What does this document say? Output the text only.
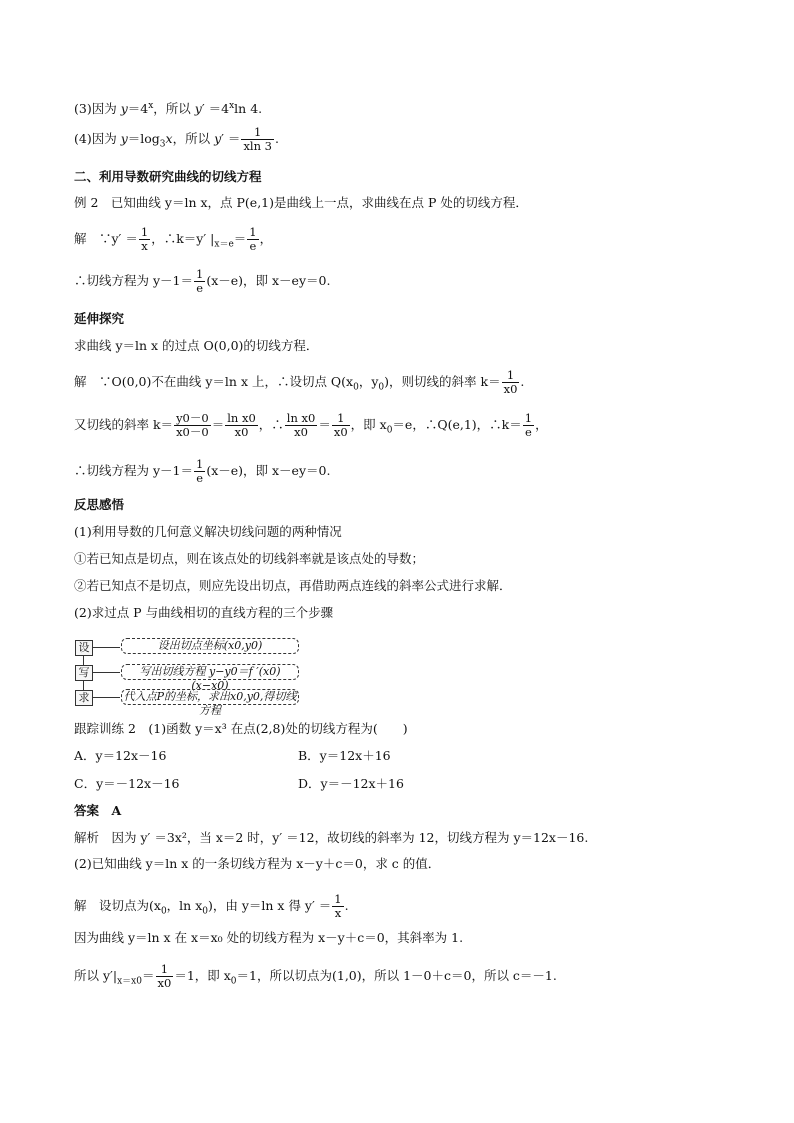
(3)因为 $y=4^x$，所以 $y' =4^x\ln$ 4.
(4)因为 $y=\log_3x$，所以 $y' = \frac{1}{xln 3}$ .
二、利用导数研究曲线的切线方程
例 2　已知曲线 y＝ln x，点 P(e,1)是曲线上一点，求曲线在点 P 处的切线方程．
解　∵y′ ＝ $\frac{1}{x}$ ，∴k＝y′ $|_{x=e}= \frac{1}{e}$ ，
∴切线方程为 $y-1= \frac{1}{e} (x-e)$，即 x－ey＝0.
延伸探究
求曲线 y＝ln x 的过点 O(0,0)的切线方程．
解　∵O(0,0)不在曲线 y＝ln x 上，∴设切点 $Q(x_0$，$y_0$)，则切线的斜率 $k= \frac{1}{x0}$ .
又切线的斜率 $k= \frac{y0-0}{x0-0} = \frac{\text{ln x0}}{x0}$ ，∴ $\frac{\text{ln x0}}{x0} = \frac{1}{x0}$ ，即 $x_0=e$，∴Q(e,1)，∴k＝ $\frac{1}{e}$ ，
∴切线方程为 $y-1= \frac{1}{e} (x-e)$，即 x－ey＝0.
反思感悟
(1)利用导数的几何意义解决切线问题的两种情况
①若已知点是切点，则在该点处的切线斜率就是该点处的导数；
②若已知点不是切点，则应先设出切点，再借助两点连线的斜率公式进行求解．
(2)求过点 P 与曲线相切的直线方程的三个步骤
设	设出切点坐标(x0,y0)
写	写出切线方程 y−y0＝f ′(x0)(x−x0)
求	代入点P的坐标，求出x0,y0,得切线方程
跟踪训练 2　(1)函数 y＝x³ 在点(2,8)处的切线方程为(　　)
A．y＝12x－16	B．y＝12x＋16
C．y＝－12x－16	D．y＝－12x＋16
答案　A
解析　因为 y′ ＝3x²，当 x＝2 时，y′ ＝12，故切线的斜率为 12，切线方程为 y＝12x－16.
(2)已知曲线 y＝ln x 的一条切线方程为 x－y＋c＝0，求 c 的值．
解　设切点为($x_0$，$\ln x_0$)，由 y＝ln x 得 $y' = \frac{1}{x}$ .
因为曲线 y＝ln x 在 x＝x₀ 处的切线方程为 x－y＋c＝0，其斜率为 1.
所以 $y'|_{x=x0}= \frac{1}{x0} =1$，即 $x_0=1$，所以切点为(1,0)，所以 1－0＋c＝0，所以 c＝－1.
